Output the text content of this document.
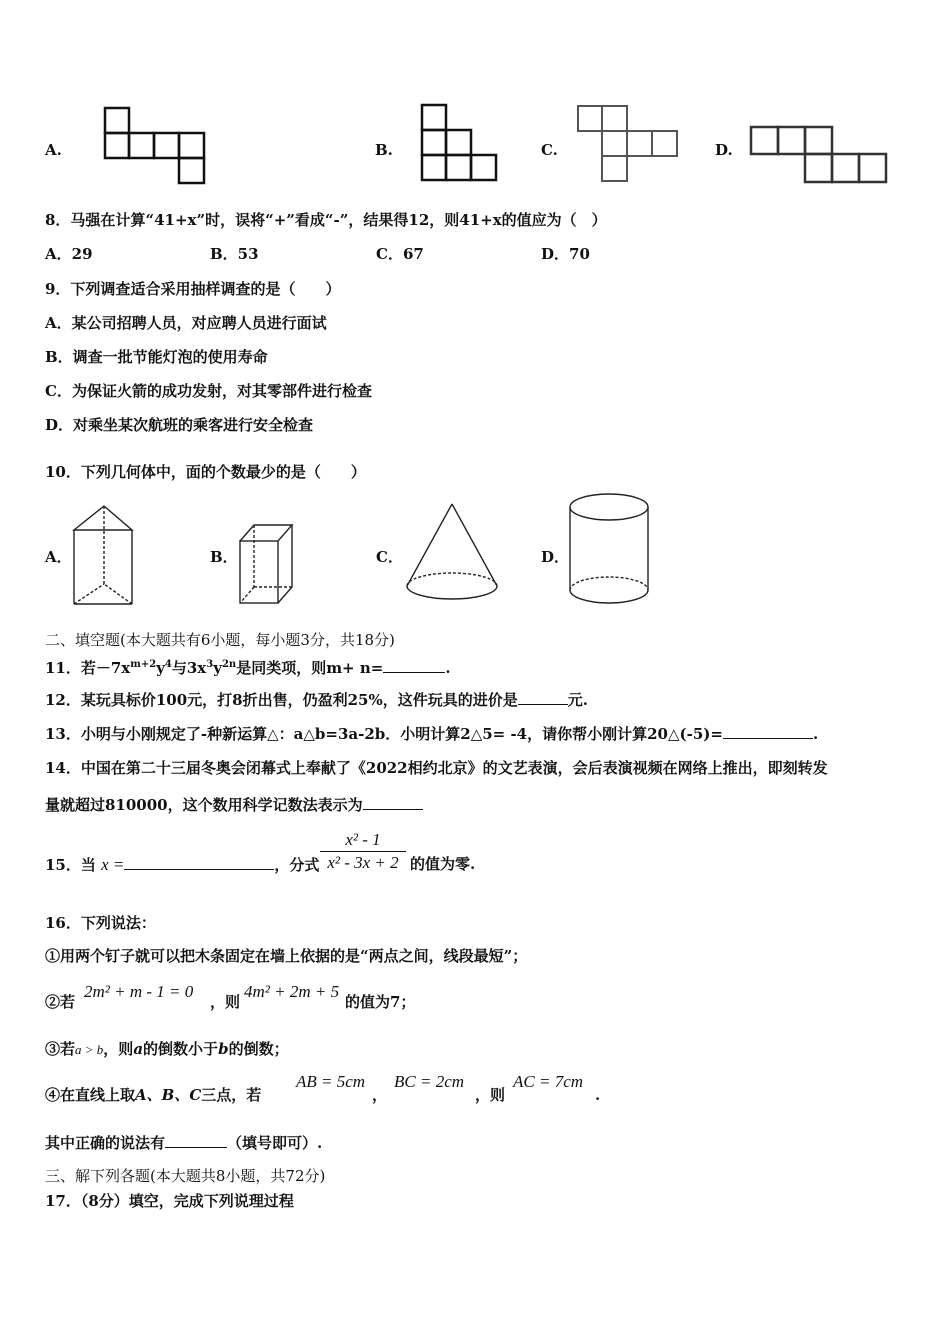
A.	B.	C.	D.
8．马强在计算“41+x”时，误将“+”看成“-”，结果得12，则41+x的值应为（　）
A．29	B．53	C．67	D．70
9．下列调查适合采用抽样调查的是（　　）
A．某公司招聘人员，对应聘人员进行面试
B．调查一批节能灯泡的使用寿命
C．为保证火箭的成功发射，对其零部件进行检查
D．对乘坐某次航班的乘客进行安全检查
10．下列几何体中，面的个数最少的是（　　）
A．	B．	C．	D．
二、填空题(本大题共有6小题，每小题3分，共18分)
11．若$-7x^{m+2}y^4$与$3x^3y^{2n}$是同类项，则m+ n=	.
12．某玩具标价100元，打8折出售，仍盈利25%，这件玩具的进价是	元.
13．小明与小刚规定了-种新运算△：a△b=3a-2b．小明计算2△5= -4，请你帮小刚计算20△(-5)=	.
14．中国在第二十三届冬奥会闭幕式上奉献了《2022相约北京》的文艺表演，会后表演视频在网络上推出，即刻转发
量就超过810000，这个数用科学记数法表示为
15．当 x =	，分式
x² - 1
x² - 3x + 2 的值为零.
16．下列说法：
①用两个钉子就可以把木条固定在墙上依据的是“两点之间，线段最短”；
②若
2m² + m - 1 = 0
，则
4m² + 2m + 5
的值为7；
③若a > b，则a的倒数小于b的倒数；
④在直线上取A、B、C三点，若
AB = 5cm
，
BC = 2cm
，则
AC = 7cm
.
其中正确的说法有	（填号即可）.
三、解下列各题(本大题共8小题，共72分)
17．（8分）填空，完成下列说理过程
